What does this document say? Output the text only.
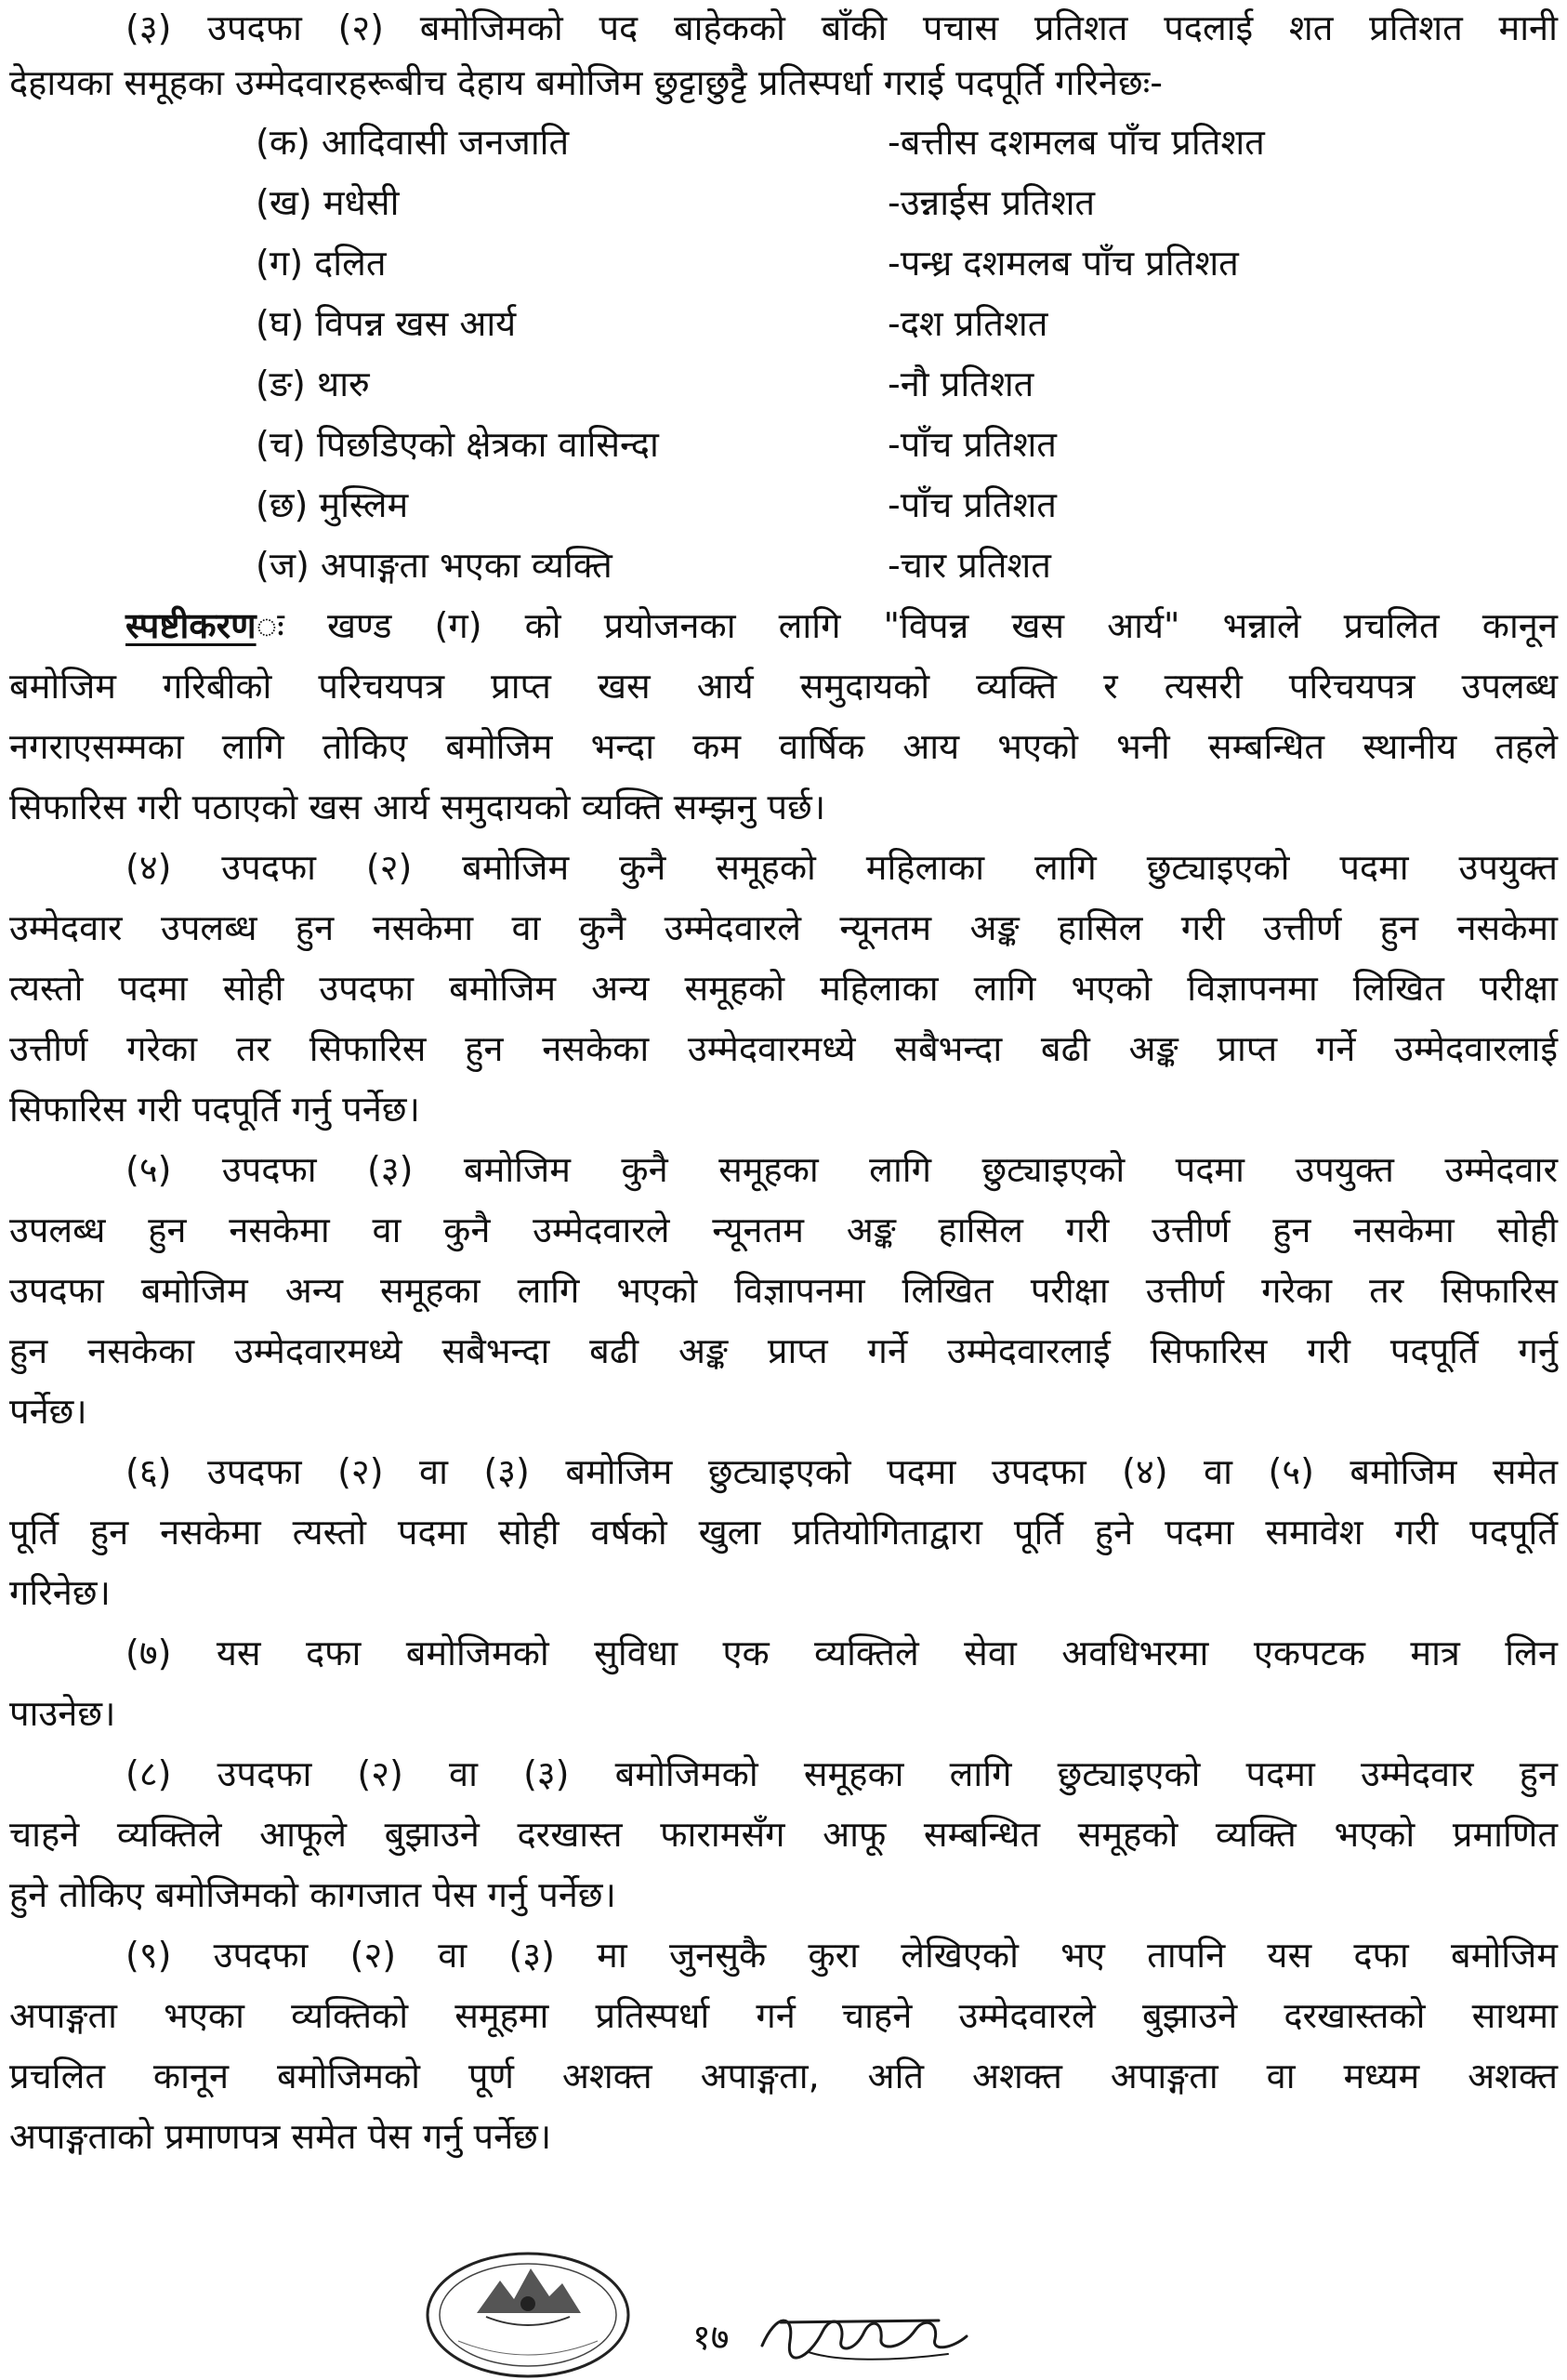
(३) उपदफा (२) बमोजिमको पद बाहेकको बाँकी पचास प्रतिशत पदलाई शत प्रतिशत मानी
देहायका समूहका उम्मेदवारहरूबीच देहाय बमोजिम छुट्टाछुट्टै प्रतिस्पर्धा गराई पदपूर्ति गरिनेछः-
(क) आदिवासी जनजाति	-बत्तीस दशमलब पाँच प्रतिशत
(ख) मधेसी	-उन्नाईस प्रतिशत
(ग) दलित	-पन्ध्र दशमलब पाँच प्रतिशत
(घ) विपन्न खस आर्य	-दश प्रतिशत
(ङ) थारु	-नौ प्रतिशत
(च) पिछडिएको क्षेत्रका वासिन्दा	-पाँच प्रतिशत
(छ) मुस्लिम	-पाँच प्रतिशत
(ज) अपाङ्गता भएका व्यक्ति	-चार प्रतिशत
स्पष्टीकरणः खण्ड (ग) को प्रयोजनका लागि "विपन्न खस आर्य" भन्नाले प्रचलित कानून
बमोजिम गरिबीको परिचयपत्र प्राप्त खस आर्य समुदायको व्यक्ति र त्यसरी परिचयपत्र उपलब्ध
नगराएसम्मका लागि तोकिए बमोजिम भन्दा कम वार्षिक आय भएको भनी सम्बन्धित स्थानीय तहले
सिफारिस गरी पठाएको खस आर्य समुदायको व्यक्ति सम्झनु पर्छ।
(४) उपदफा (२) बमोजिम कुनै समूहको महिलाका लागि छुट्याइएको पदमा उपयुक्त
उम्मेदवार उपलब्ध हुन नसकेमा वा कुनै उम्मेदवारले न्यूनतम अङ्क हासिल गरी उत्तीर्ण हुन नसकेमा
त्यस्तो पदमा सोही उपदफा बमोजिम अन्य समूहको महिलाका लागि भएको विज्ञापनमा लिखित परीक्षा
उत्तीर्ण गरेका तर सिफारिस हुन नसकेका उम्मेदवारमध्ये सबैभन्दा बढी अङ्क प्राप्त गर्ने उम्मेदवारलाई
सिफारिस गरी पदपूर्ति गर्नु पर्नेछ।
(५) उपदफा (३) बमोजिम कुनै समूहका लागि छुट्याइएको पदमा उपयुक्त उम्मेदवार
उपलब्ध हुन नसकेमा वा कुनै उम्मेदवारले न्यूनतम अङ्क हासिल गरी उत्तीर्ण हुन नसकेमा सोही
उपदफा बमोजिम अन्य समूहका लागि भएको विज्ञापनमा लिखित परीक्षा उत्तीर्ण गरेका तर सिफारिस
हुन नसकेका उम्मेदवारमध्ये सबैभन्दा बढी अङ्क प्राप्त गर्ने उम्मेदवारलाई सिफारिस गरी पदपूर्ति गर्नु
पर्नेछ।
(६) उपदफा (२) वा (३) बमोजिम छुट्याइएको पदमा उपदफा (४) वा (५) बमोजिम समेत
पूर्ति हुन नसकेमा त्यस्तो पदमा सोही वर्षको खुला प्रतियोगिताद्वारा पूर्ति हुने पदमा समावेश गरी पदपूर्ति
गरिनेछ।
(७) यस दफा बमोजिमको सुविधा एक व्यक्तिले सेवा अवधिभरमा एकपटक मात्र लिन
पाउनेछ।
(८) उपदफा (२) वा (३) बमोजिमको समूहका लागि छुट्याइएको पदमा उम्मेदवार हुन
चाहने व्यक्तिले आफूले बुझाउने दरखास्त फारामसँग आफू सम्बन्धित समूहको व्यक्ति भएको प्रमाणित
हुने तोकिए बमोजिमको कागजात पेस गर्नु पर्नेछ।
(९) उपदफा (२) वा (३) मा जुनसुकै कुरा लेखिएको भए तापनि यस दफा बमोजिम
अपाङ्गता भएका व्यक्तिको समूहमा प्रतिस्पर्धा गर्न चाहने उम्मेदवारले बुझाउने दरखास्तको साथमा
प्रचलित कानून बमोजिमको पूर्ण अशक्त अपाङ्गता, अति अशक्त अपाङ्गता वा मध्यम अशक्त
अपाङ्गताको प्रमाणपत्र समेत पेस गर्नु पर्नेछ।
१७
